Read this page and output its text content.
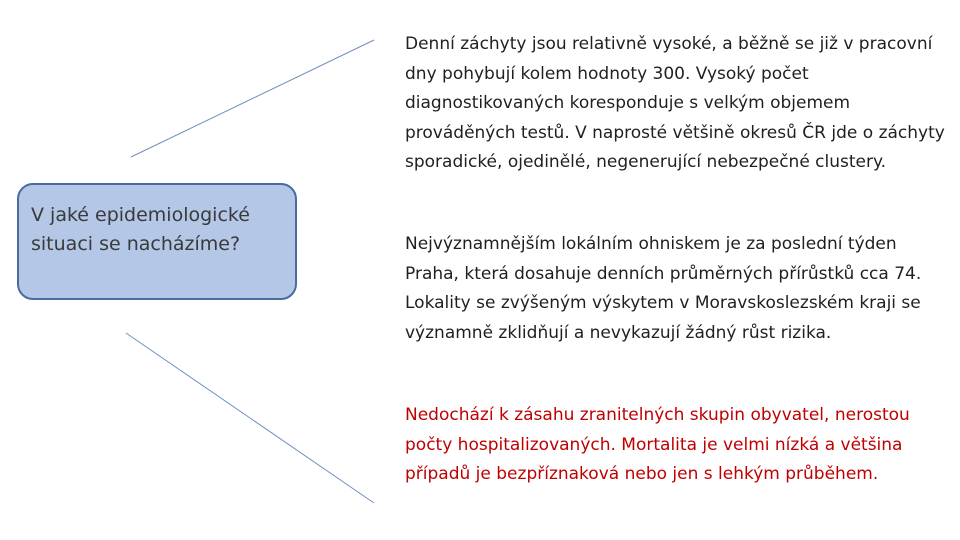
V jaké epidemiologické situaci se nacházíme?

Denní záchyty jsou relativně vysoké, a běžně se již v pracovní dny pohybují kolem hodnoty 300. Vysoký počet diagnostikovaných koresponduje s velkým objemem prováděných testů. V naprosté většině okresů ČR jde o záchyty sporadické, ojedinělé, negenerující nebezpečné clustery.

Nejvýznamnějším lokálním ohniskem je za poslední týden Praha, která dosahuje denních průměrných přírůstků cca 74. Lokality se zvýšeným výskytem v Moravskoslezském kraji se významně zklidňují a nevykazují žádný růst rizika.

Nedochází k zásahu zranitelných skupin obyvatel, nerostou počty hospitalizovaných. Mortalita je velmi nízká a většina případů je bezpříznaková nebo jen s lehkým průběhem.
